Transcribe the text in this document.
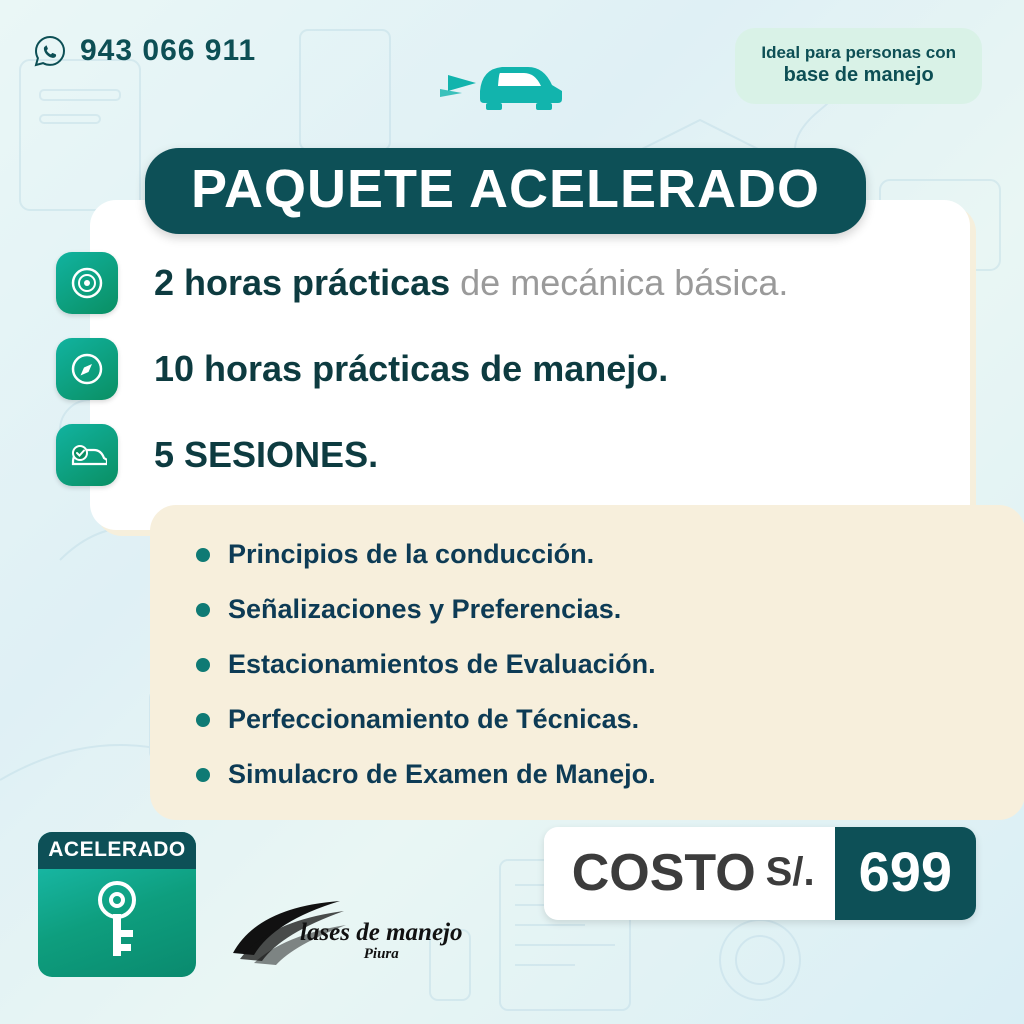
943 066 911	Ideal para personas con
base de manejo
PAQUETE ACELERADO
2 horas prácticas de mecánica básica.
10 horas prácticas de manejo.
5 SESIONES.
Principios de la conducción.
Señalizaciones y Preferencias.
Estacionamientos de Evaluación.
Perfeccionamiento de Técnicas.
Simulacro de Examen de Manejo.
ACELERADO
lases de manejo
Piura
COSTO S/. 699
